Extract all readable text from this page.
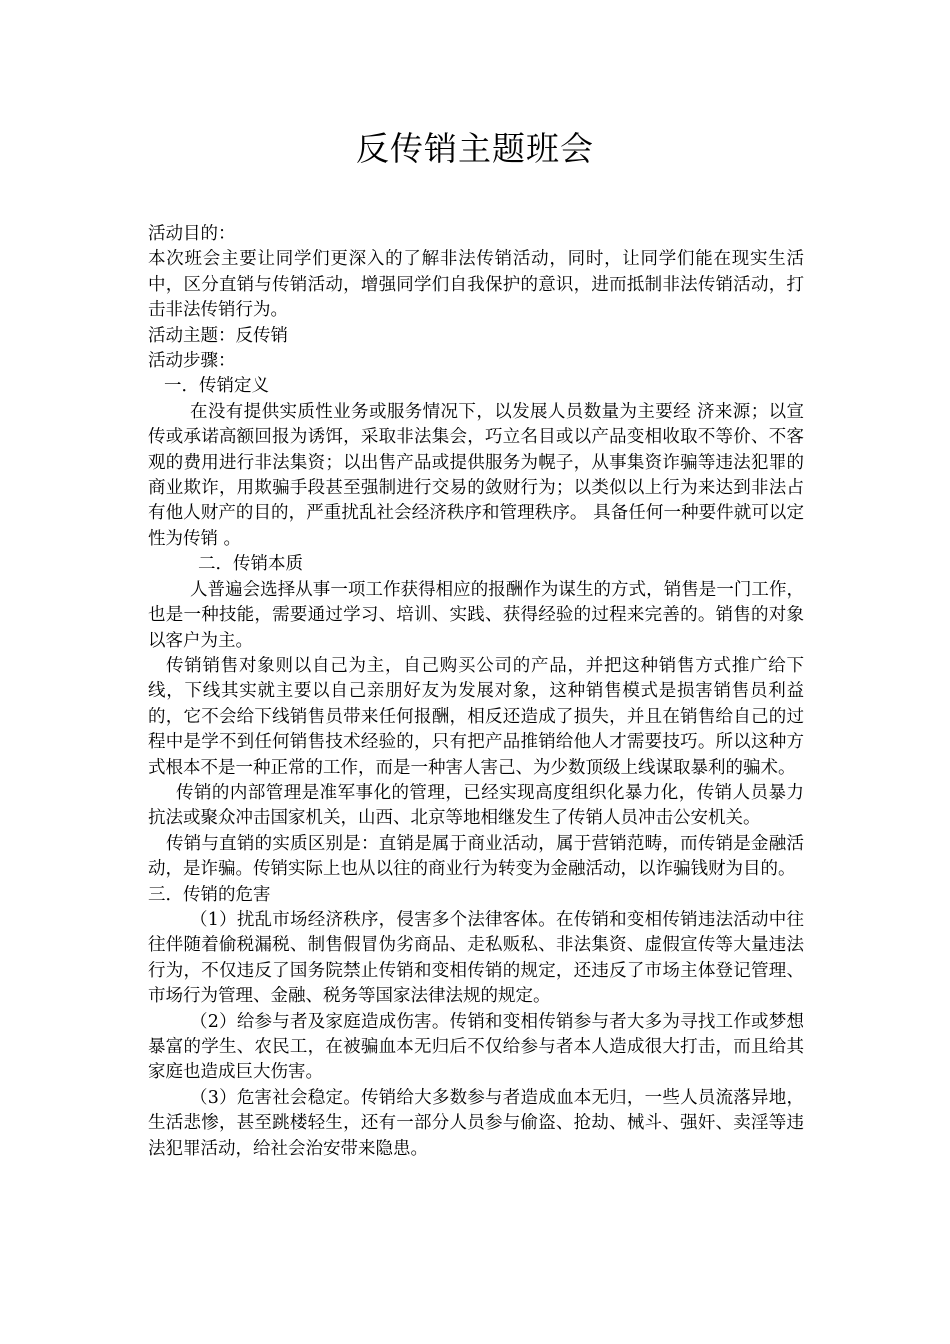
反传销主题班会

活动目的：

本次班会主要让同学们更深入的了解非法传销活动，同时，让同学们能在现实生活中，区分直销与传销活动，增强同学们自我保护的意识，进而抵制非法传销活动，打击非法传销行为。

活动主题：反传销

活动步骤：

一．传销定义

在没有提供实质性业务或服务情况下，以发展人员数量为主要经 济来源；以宣传或承诺高额回报为诱饵，采取非法集会，巧立名目或以产品变相收取不等价、不客观的费用进行非法集资；以出售产品或提供服务为幌子，从事集资诈骗等违法犯罪的商业欺诈，用欺骗手段甚至强制进行交易的敛财行为；以类似以上行为来达到非法占有他人财产的目的，严重扰乱社会经济秩序和管理秩序。 具备任何一种要件就可以定性为传销 。

二．传销本质

人普遍会选择从事一项工作获得相应的报酬作为谋生的方式，销售是一门工作，也是一种技能，需要通过学习、培训、实践、获得经验的过程来完善的。销售的对象以客户为主。

传销销售对象则以自己为主，自己购买公司的产品，并把这种销售方式推广给下线，下线其实就主要以自己亲朋好友为发展对象，这种销售模式是损害销售员利益的，它不会给下线销售员带来任何报酬，相反还造成了损失，并且在销售给自己的过程中是学不到任何销售技术经验的，只有把产品推销给他人才需要技巧。所以这种方式根本不是一种正常的工作，而是一种害人害己、为少数顶级上线谋取暴利的骗术。

传销的内部管理是准军事化的管理，已经实现高度组织化暴力化，传销人员暴力抗法或聚众冲击国家机关，山西、北京等地相继发生了传销人员冲击公安机关。

传销与直销的实质区别是：直销是属于商业活动，属于营销范畴，而传销是金融活动，是诈骗。传销实际上也从以往的商业行为转变为金融活动，以诈骗钱财为目的。

三．传销的危害

（1）扰乱市场经济秩序，侵害多个法律客体。在传销和变相传销违法活动中往往伴随着偷税漏税、制售假冒伪劣商品、走私贩私、非法集资、虚假宣传等大量违法行为，不仅违反了国务院禁止传销和变相传销的规定，还违反了市场主体登记管理、市场行为管理、金融、税务等国家法律法规的规定。

（2）给参与者及家庭造成伤害。传销和变相传销参与者大多为寻找工作或梦想暴富的学生、农民工，在被骗血本无归后不仅给参与者本人造成很大打击，而且给其家庭也造成巨大伤害。

（3）危害社会稳定。传销给大多数参与者造成血本无归，一些人员流落异地，生活悲惨，甚至跳楼轻生，还有一部分人员参与偷盗、抢劫、械斗、强奸、卖淫等违法犯罪活动，给社会治安带来隐患。
